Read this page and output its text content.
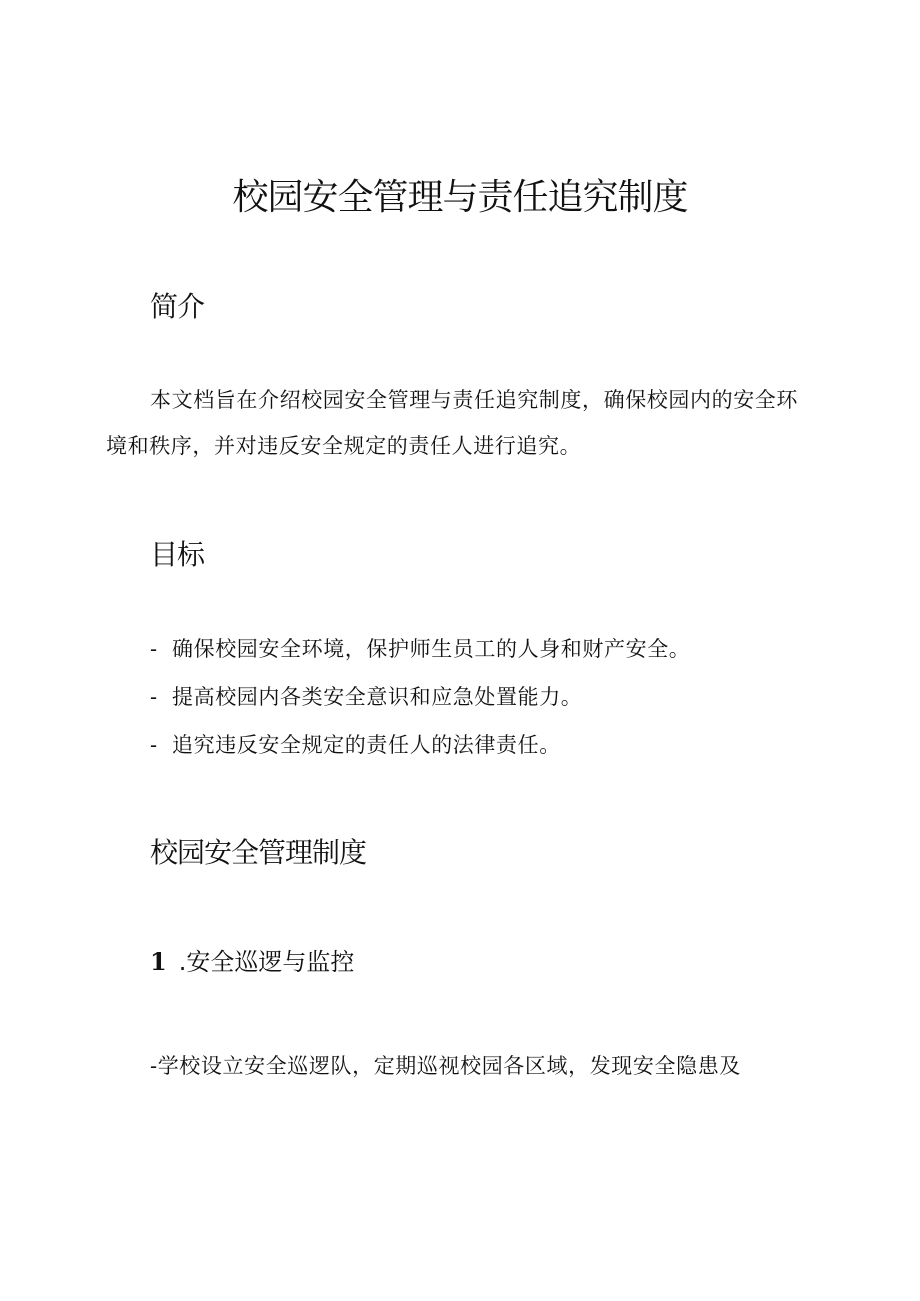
校园安全管理与责任追究制度
简介

本文档旨在介绍校园安全管理与责任追究制度，确保校园内的安全环境和秩序，并对违反安全规定的责任人进行追究。

目标

- 确保校园安全环境，保护师生员工的人身和财产安全。

- 提高校园内各类安全意识和应急处置能力。

- 追究违反安全规定的责任人的法律责任。

校园安全管理制度
1 .安全巡逻与监控

-学校设立安全巡逻队，定期巡视校园各区域，发现安全隐患及
